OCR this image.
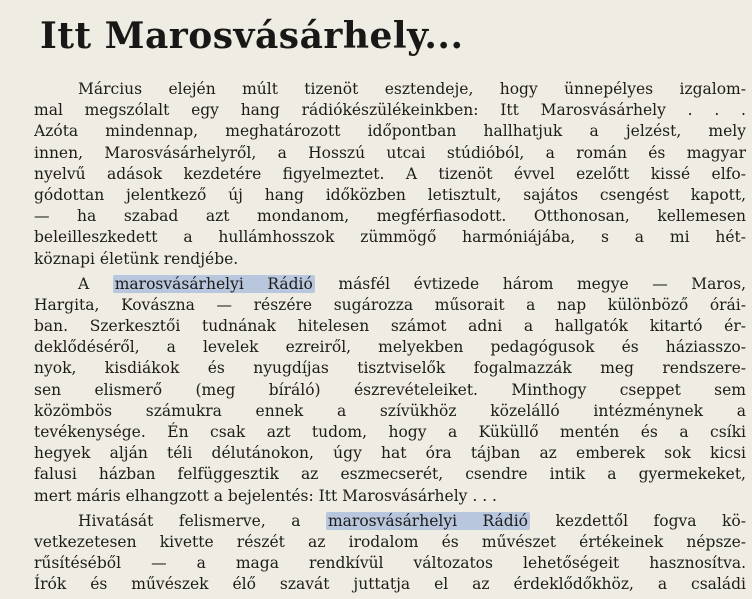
Itt Marosvásárhely...
Március elején múlt tizenöt esztendeje, hogy ünnepélyes izgalom-
mal megszólalt egy hang rádiókészülékeinkben: Itt Marosvásárhely . . .
Azóta mindennap, meghatározott időpontban hallhatjuk a jelzést, mely
innen, Marosvásárhelyről, a Hosszú utcai stúdióból, a román és magyar
nyelvű adások kezdetére figyelmeztet. A tizenöt évvel ezelőtt kissé elfo-
gódottan jelentkező új hang időközben letisztult, sajátos csengést kapott,
— ha szabad azt mondanom, megférfiasodott. Otthonosan, kellemesen
beleilleszkedett a hullámhosszok zümmögő harmóniájába, s a mi hét-
köznapi életünk rendjébe.
A marosvásárhelyi Rádió másfél évtizede három megye — Maros,
Hargita, Kovászna — részére sugározza műsorait a nap különböző órái-
ban. Szerkesztői tudnának hitelesen számot adni a hallgatók kitartó ér-
deklődéséről, a levelek ezreiről, melyekben pedagógusok és háziasszo-
nyok, kisdiákok és nyugdíjas tisztviselők fogalmazzák meg rendszere-
sen elismerő (meg bíráló) észrevételeiket. Minthogy cseppet sem
közömbös számukra ennek a szívükhöz közelálló intézménynek a
tevékenysége. Én csak azt tudom, hogy a Küküllő mentén és a csíki
hegyek alján téli délutánokon, úgy hat óra tájban az emberek sok kicsi
falusi házban felfüggesztik az eszmecserét, csendre intik a gyermekeket,
mert máris elhangzott a bejelentés: Itt Marosvásárhely . . .
Hivatását felismerve, a marosvásárhelyi Rádió kezdettől fogva kö-
vetkezetesen kivette részét az irodalom és művészet értékeinek népsze-
rűsítéséből — a maga rendkívül változatos lehetőségeit hasznosítva.
Írók és művészek élő szavát juttatja el az érdeklődőkhöz, a családi
